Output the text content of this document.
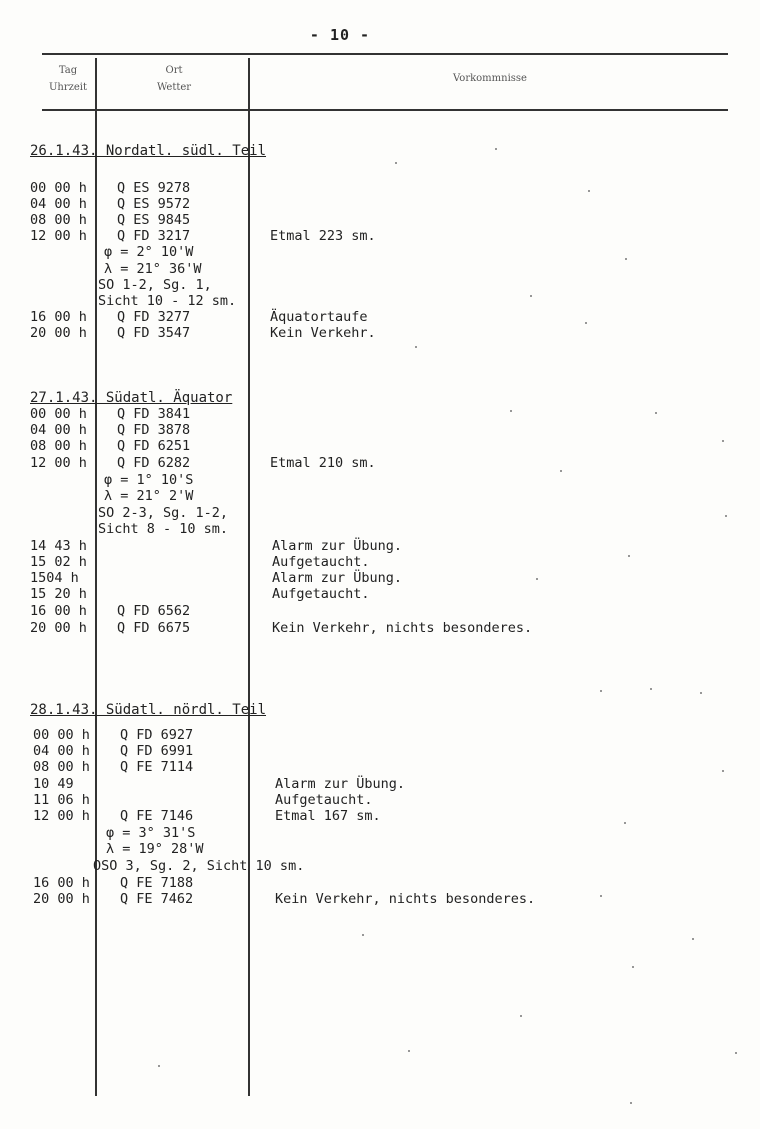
- 10 -
Tag
Uhrzeit
Ort
Wetter
Vorkommnisse
26.1.43. Nordatl. südl. Teil
00 00 h Q ES 9278
04 00 h Q ES 9572
08 00 h Q ES 9845
12 00 h Q FD 3217	Etmal 223 sm.
φ = 2° 10'W
λ = 21° 36'W
SO 1-2, Sg. 1,
Sicht 10 - 12 sm.
16 00 h Q FD 3277	Äquatortaufe
20 00 h Q FD 3547	Kein Verkehr.
27.1.43. Südatl. Äquator
00 00 h Q FD 3841
04 00 h Q FD 3878
08 00 h Q FD 6251
12 00 h Q FD 6282	Etmal 210 sm.
φ = 1° 10'S
λ = 21° 2'W
SO 2-3, Sg. 1-2,
Sicht 8 - 10 sm.
14 43 h	Alarm zur Übung.
15 02 h	Aufgetaucht.
1504 h	Alarm zur Übung.
15 20 h	Aufgetaucht.
16 00 h Q FD 6562
20 00 h Q FD 6675	Kein Verkehr, nichts besonderes.
28.1.43. Südatl. nördl. Teil
00 00 h Q FD 6927
04 00 h Q FD 6991
08 00 h Q FE 7114
10 49	Alarm zur Übung.
11 06 h	Aufgetaucht.
12 00 h Q FE 7146	Etmal 167 sm.
φ = 3° 31'S
λ = 19° 28'W
OSO 3, Sg. 2, Sicht 10 sm.
16 00 h Q FE 7188
20 00 h Q FE 7462	Kein Verkehr, nichts besonderes.
